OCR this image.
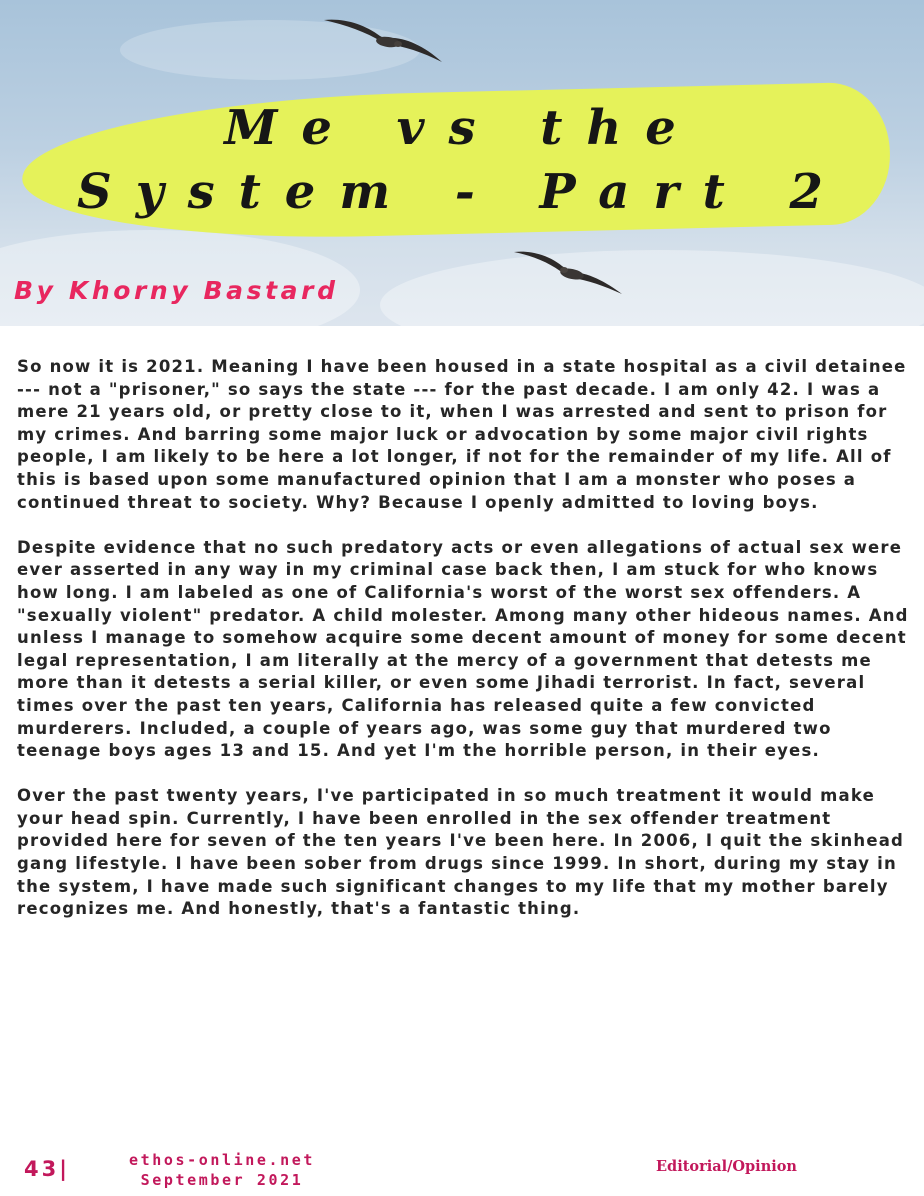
Me vs the
System - Part 2

By Khorny Bastard

So now it is 2021. Meaning I have been housed in a state hospital as a civil detainee --- not a "prisoner," so says the state --- for the past decade. I am only 42. I was a mere 21 years old, or pretty close to it, when I was arrested and sent to prison for my crimes. And barring some major luck or advocation by some major civil rights people, I am likely to be here a lot longer, if not for the remainder of my life. All of this is based upon some manufactured opinion that I am a monster who poses a continued threat to society. Why? Because I openly admitted to loving boys.

Despite evidence that no such predatory acts or even allegations of actual sex were ever asserted in any way in my criminal case back then, I am stuck for who knows how long. I am labeled as one of California's worst of the worst sex offenders. A "sexually violent" predator. A child molester. Among many other hideous names. And unless I manage to somehow acquire some decent amount of money for some decent legal representation, I am literally at the mercy of a government that detests me more than it detests a serial killer, or even some Jihadi terrorist. In fact, several times over the past ten years, California has released quite a few convicted murderers. Included, a couple of years ago, was some guy that murdered two teenage boys ages 13 and 15. And yet I'm the horrible person, in their eyes.

Over the past twenty years, I've participated in so much treatment it would make your head spin. Currently, I have been enrolled in the sex offender treatment provided here for seven of the ten years I've been here. In 2006, I quit the skinhead gang lifestyle. I have been sober from drugs since 1999. In short, during my stay in the system, I have made such significant changes to my life that my mother barely recognizes me. And honestly, that's a fantastic thing.

43|	ethos-online.net
September 2021
Editorial/Opinion
